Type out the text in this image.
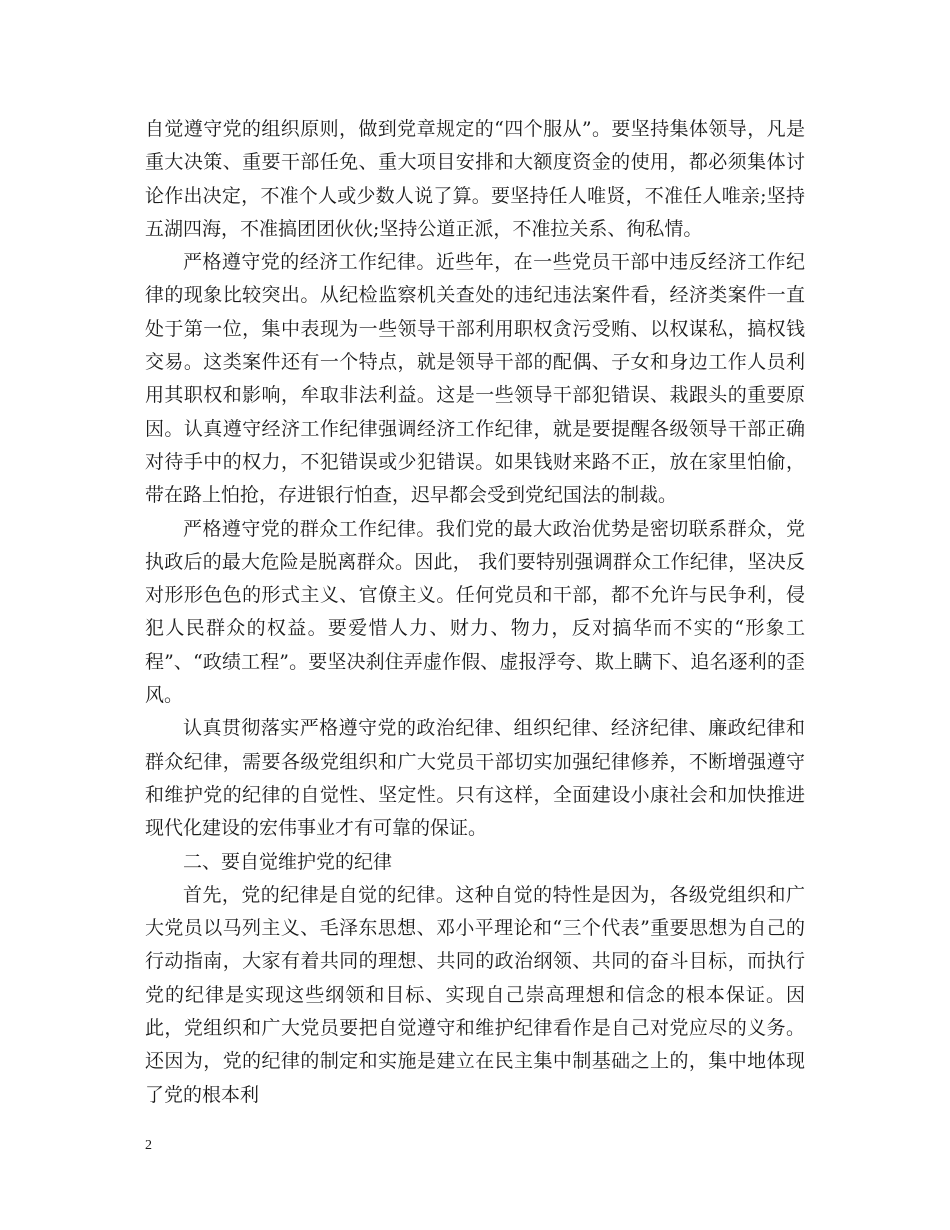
自觉遵守党的组织原则，做到党章规定的“四个服从”。要坚持集体领导，凡是重大决策、重要干部任免、重大项目安排和大额度资金的使用，都必须集体讨论作出决定，不准个人或少数人说了算。要坚持任人唯贤，不准任人唯亲;坚持五湖四海，不准搞团团伙伙;坚持公道正派，不准拉关系、徇私情。

严格遵守党的经济工作纪律。近些年，在一些党员干部中违反经济工作纪律的现象比较突出。从纪检监察机关查处的违纪违法案件看，经济类案件一直处于第一位，集中表现为一些领导干部利用职权贪污受贿、以权谋私，搞权钱交易。这类案件还有一个特点，就是领导干部的配偶、子女和身边工作人员利用其职权和影响，牟取非法利益。这是一些领导干部犯错误、栽跟头的重要原因。认真遵守经济工作纪律强调经济工作纪律，就是要提醒各级领导干部正确对待手中的权力，不犯错误或少犯错误。如果钱财来路不正，放在家里怕偷，带在路上怕抢，存进银行怕查，迟早都会受到党纪国法的制裁。

严格遵守党的群众工作纪律。我们党的最大政治优势是密切联系群众，党执政后的最大危险是脱离群众。因此， 我们要特别强调群众工作纪律，坚决反对形形色色的形式主义、官僚主义。任何党员和干部，都不允许与民争利，侵犯人民群众的权益。要爱惜人力、财力、物力，反对搞华而不实的“形象工程”、“政绩工程”。要坚决刹住弄虚作假、虚报浮夸、欺上瞒下、追名逐利的歪风。

认真贯彻落实严格遵守党的政治纪律、组织纪律、经济纪律、廉政纪律和群众纪律，需要各级党组织和广大党员干部切实加强纪律修养，不断增强遵守和维护党的纪律的自觉性、坚定性。只有这样，全面建设小康社会和加快推进现代化建设的宏伟事业才有可靠的保证。

二、要自觉维护党的纪律

首先，党的纪律是自觉的纪律。这种自觉的特性是因为，各级党组织和广大党员以马列主义、毛泽东思想、邓小平理论和“三个代表”重要思想为自己的行动指南，大家有着共同的理想、共同的政治纲领、共同的奋斗目标，而执行党的纪律是实现这些纲领和目标、实现自己崇高理想和信念的根本保证。因此，党组织和广大党员要把自觉遵守和维护纪律看作是自己对党应尽的义务。还因为，党的纪律的制定和实施是建立在民主集中制基础之上的，集中地体现了党的根本利

2
